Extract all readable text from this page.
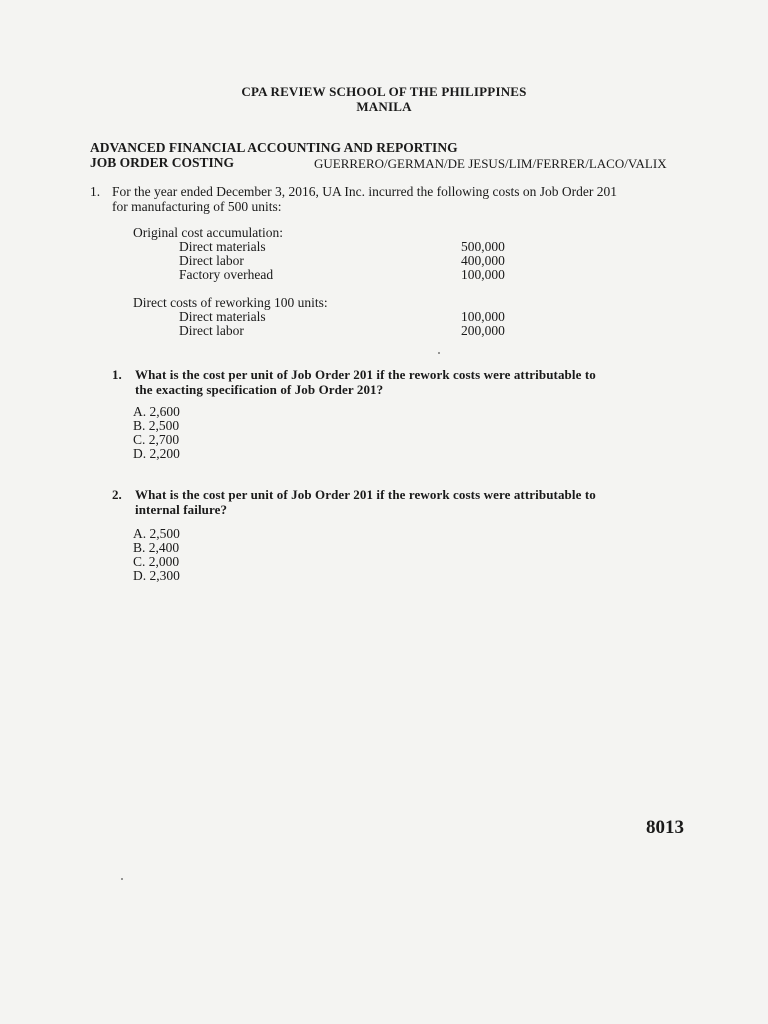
CPA REVIEW SCHOOL OF THE PHILIPPINES
MANILA
ADVANCED FINANCIAL ACCOUNTING AND REPORTING
JOB ORDER COSTING	GUERRERO/GERMAN/DE JESUS/LIM/FERRER/LACO/VALIX
1. For the year ended December 3, 2016, UA Inc. incurred the following costs on Job Order 201
for manufacturing of 500 units:
Original cost accumulation:
Direct materials	500,000
Direct labor	400,000
Factory overhead	100,000
Direct costs of reworking 100 units:
Direct materials	100,000
Direct labor	200,000
1. What is the cost per unit of Job Order 201 if the rework costs were attributable to
the exacting specification of Job Order 201?
A. 2,600
B. 2,500
C. 2,700
D. 2,200
2. What is the cost per unit of Job Order 201 if the rework costs were attributable to
internal failure?
A. 2,500
B. 2,400
C. 2,000
D. 2,300
8013
